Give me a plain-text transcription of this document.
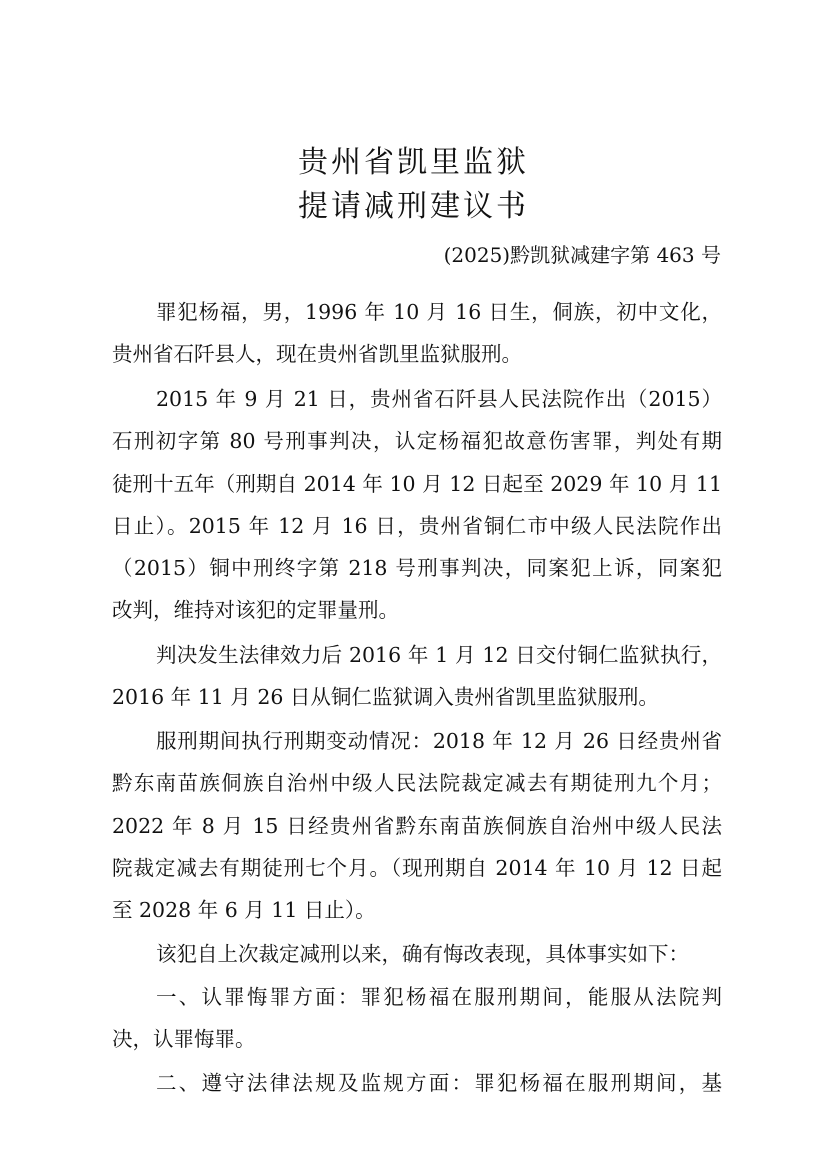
贵州省凯里监狱
提请减刑建议书
(2025)黔凯狱减建字第 463 号
罪犯杨福，男，1996 年 10 月 16 日生，侗族，初中文化，
贵州省石阡县人，现在贵州省凯里监狱服刑。
2015 年 9 月 21 日，贵州省石阡县人民法院作出（2015）
石刑初字第 80 号刑事判决，认定杨福犯故意伤害罪，判处有期
徒刑十五年（刑期自 2014 年 10 月 12 日起至 2029 年 10 月 11
日止）。2015 年 12 月 16 日，贵州省铜仁市中级人民法院作出
（2015）铜中刑终字第 218 号刑事判决，同案犯上诉，同案犯
改判，维持对该犯的定罪量刑。
判决发生法律效力后 2016 年 1 月 12 日交付铜仁监狱执行，
2016 年 11 月 26 日从铜仁监狱调入贵州省凯里监狱服刑。
服刑期间执行刑期变动情况：2018 年 12 月 26 日经贵州省
黔东南苗族侗族自治州中级人民法院裁定减去有期徒刑九个月；
2022 年 8 月 15 日经贵州省黔东南苗族侗族自治州中级人民法
院裁定减去有期徒刑七个月。（现刑期自 2014 年 10 月 12 日起
至 2028 年 6 月 11 日止）。
该犯自上次裁定减刑以来，确有悔改表现，具体事实如下：
一、认罪悔罪方面：罪犯杨福在服刑期间，能服从法院判
决，认罪悔罪。
二、遵守法律法规及监规方面：罪犯杨福在服刑期间，基
